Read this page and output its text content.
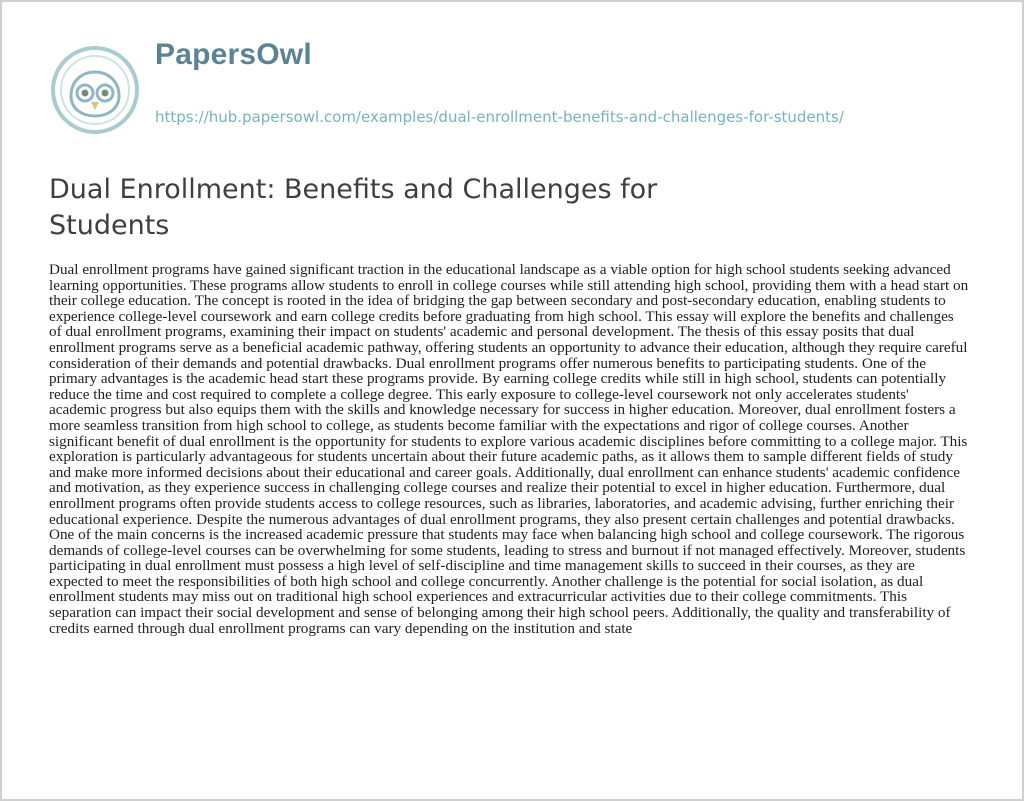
PapersOwl
https://hub.papersowl.com/examples/dual-enrollment-benefits-and-challenges-for-students/
Dual Enrollment: Benefits and Challenges for Students

Dual enrollment programs have gained significant traction in the educational landscape as a viable option for high school students seeking advanced learning opportunities. These programs allow students to enroll in college courses while still attending high school, providing them with a head start on their college education. The concept is rooted in the idea of bridging the gap between secondary and post-secondary education, enabling students to experience college-level coursework and earn college credits before graduating from high school. This essay will explore the benefits and challenges of dual enrollment programs, examining their impact on students' academic and personal development. The thesis of this essay posits that dual enrollment programs serve as a beneficial academic pathway, offering students an opportunity to advance their education, although they require careful consideration of their demands and potential drawbacks. Dual enrollment programs offer numerous benefits to participating students. One of the primary advantages is the academic head start these programs provide. By earning college credits while still in high school, students can potentially reduce the time and cost required to complete a college degree. This early exposure to college-level coursework not only accelerates students' academic progress but also equips them with the skills and knowledge necessary for success in higher education. Moreover, dual enrollment fosters a more seamless transition from high school to college, as students become familiar with the expectations and rigor of college courses. Another significant benefit of dual enrollment is the opportunity for students to explore various academic disciplines before committing to a college major. This exploration is particularly advantageous for students uncertain about their future academic paths, as it allows them to sample different fields of study and make more informed decisions about their educational and career goals. Additionally, dual enrollment can enhance students' academic confidence and motivation, as they experience success in challenging college courses and realize their potential to excel in higher education. Furthermore, dual enrollment programs often provide students access to college resources, such as libraries, laboratories, and academic advising, further enriching their educational experience. Despite the numerous advantages of dual enrollment programs, they also present certain challenges and potential drawbacks. One of the main concerns is the increased academic pressure that students may face when balancing high school and college coursework. The rigorous demands of college-level courses can be overwhelming for some students, leading to stress and burnout if not managed effectively. Moreover, students participating in dual enrollment must possess a high level of self-discipline and time management skills to succeed in their courses, as they are expected to meet the responsibilities of both high school and college concurrently. Another challenge is the potential for social isolation, as dual enrollment students may miss out on traditional high school experiences and extracurricular activities due to their college commitments. This separation can impact their social development and sense of belonging among their high school peers. Additionally, the quality and transferability of credits earned through dual enrollment programs can vary depending on the institution and state
